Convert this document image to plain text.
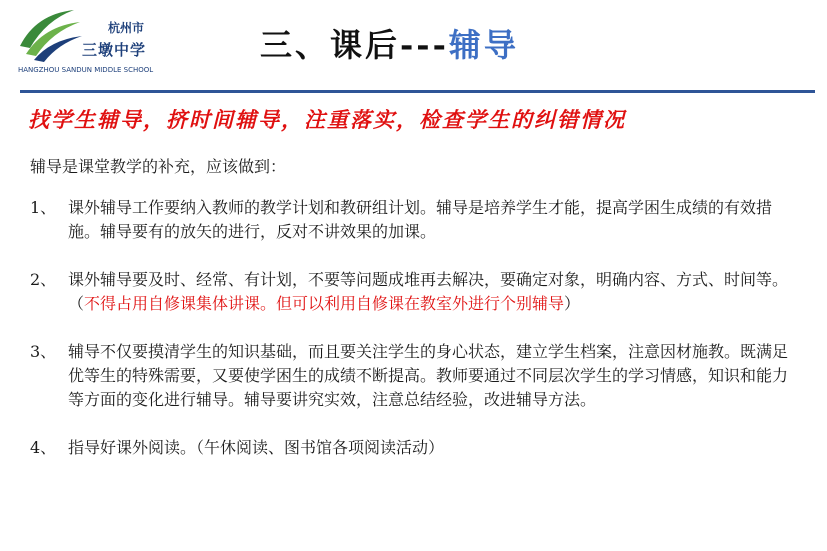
杭州市
三墩中学
HANGZHOU SANDUN MIDDLE SCHOOL
三、课后---辅导
找学生辅导，挤时间辅导，注重落实，检查学生的纠错情况
辅导是课堂教学的补充，应该做到：
1、 课外辅导工作要纳入教师的教学计划和教研组计划。辅导是培养学生才能，提高学困生成绩的有效措施。辅导要有的放矢的进行，反对不讲效果的加课。
2、 课外辅导要及时、经常、有计划，不要等问题成堆再去解决，要确定对象，明确内容、方式、时间等。（不得占用自修课集体讲课。但可以利用自修课在教室外进行个别辅导）
3、 辅导不仅要摸清学生的知识基础，而且要关注学生的身心状态，建立学生档案，注意因材施教。既满足优等生的特殊需要，又要使学困生的成绩不断提高。教师要通过不同层次学生的学习情感，知识和能力等方面的变化进行辅导。辅导要讲究实效，注意总结经验，改进辅导方法。
4、 指导好课外阅读。（午休阅读、图书馆各项阅读活动）
